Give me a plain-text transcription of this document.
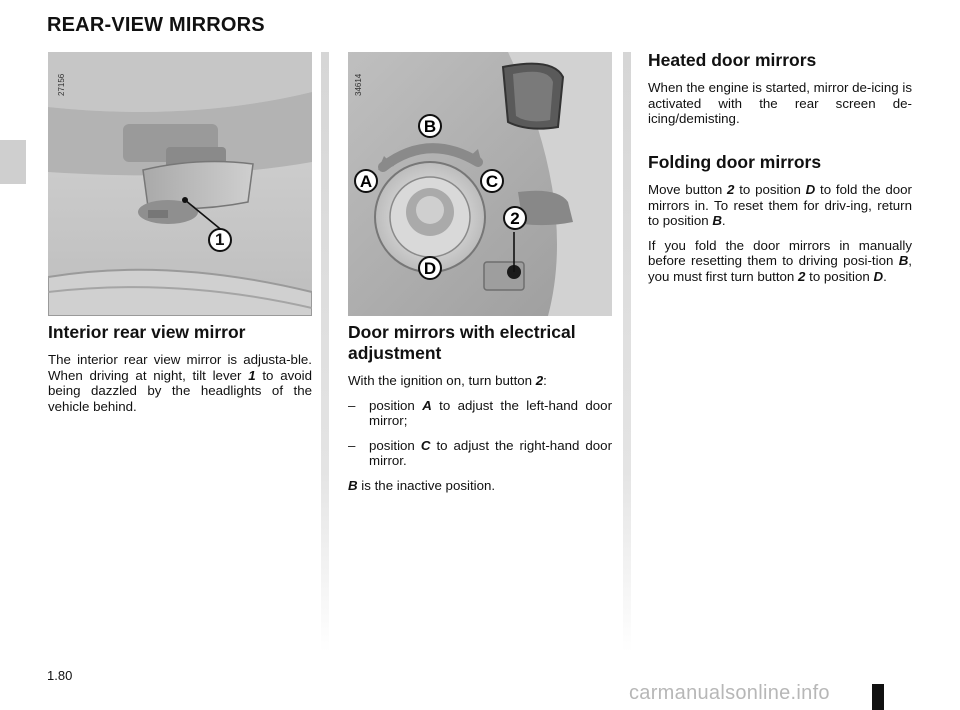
REAR-VIEW MIRRORS
27156
1
34614
B
A	C
2
D
Interior rear view mirror

The interior rear view mirror is adjusta-ble. When driving at night, tilt lever 1 to avoid being dazzled by the headlights of the vehicle behind.

Door mirrors with electrical adjustment

With the ignition on, turn button 2:

– position A to adjust the left-hand door mirror;
– position C to adjust the right-hand door mirror.

B is the inactive position.

Heated door mirrors

When the engine is started, mirror de-icing is activated with the rear screen de-icing/demisting.

Folding door mirrors

Move button 2 to position D to fold the door mirrors in. To reset them for driv-ing, return to position B.

If you fold the door mirrors in manually before resetting them to driving posi-tion B, you must first turn button 2 to position D.

1.80
carmanualsonline.info
